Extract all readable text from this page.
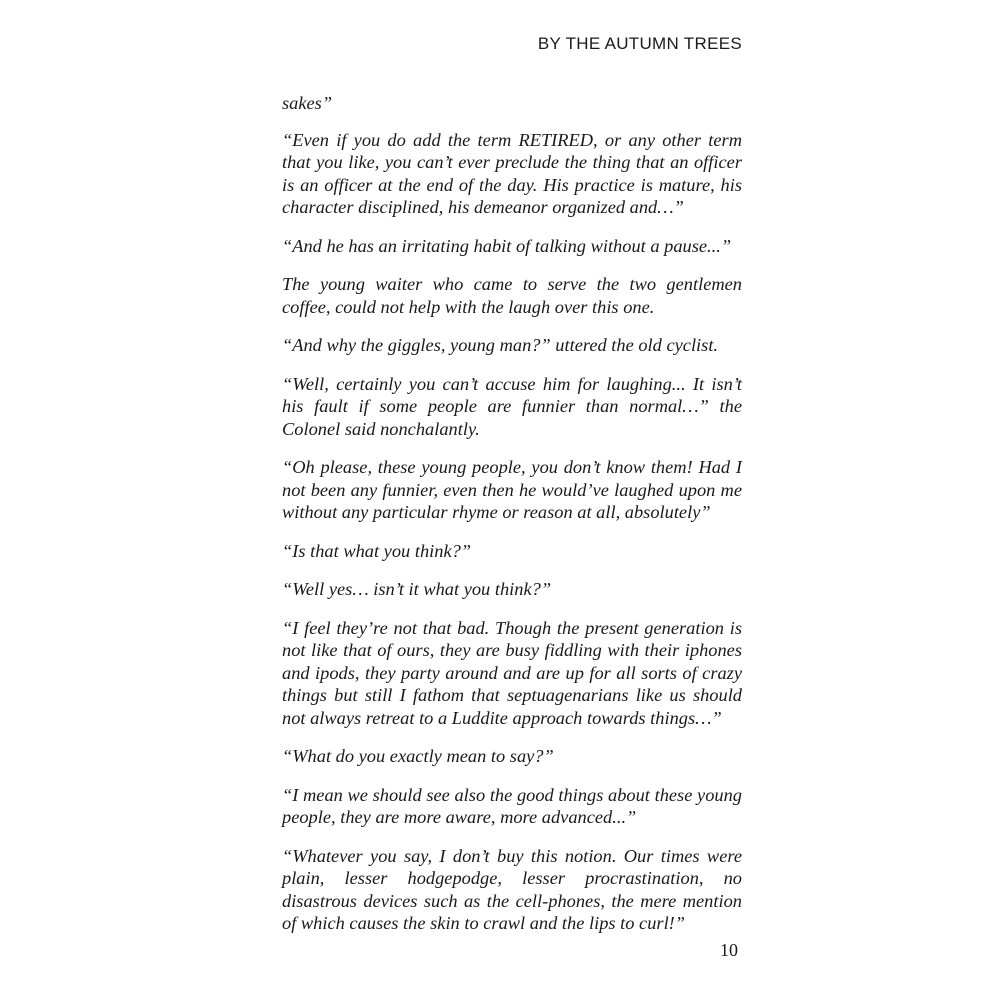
BY THE AUTUMN TREES

sakes”

“Even if you do add the term RETIRED, or any other term that you like, you can’t ever preclude the thing that an officer is an officer at the end of the day. His practice is mature, his character disciplined, his demeanor organized and…”

“And he has an irritating habit of talking without a pause...”

The young waiter who came to serve the two gentlemen coffee, could not help with the laugh over this one.

“And why the giggles, young man?” uttered the old cyclist.

“Well, certainly you can’t accuse him for laughing... It isn’t his fault if some people are funnier than normal…” the Colonel said nonchalantly.

“Oh please, these young people, you don’t know them! Had I not been any funnier, even then he would’ve laughed upon me without any particular rhyme or reason at all, absolutely”

“Is that what you think?”

“Well yes… isn’t it what you think?”

“I feel they’re not that bad. Though the present generation is not like that of ours, they are busy fiddling with their iphones and ipods, they party around and are up for all sorts of crazy things but still I fathom that septuagenarians like us should not always retreat to a Luddite approach towards things…”

“What do you exactly mean to say?”

“I mean we should see also the good things about these young people, they are more aware, more advanced...”

“Whatever you say, I don’t buy this notion. Our times were plain, lesser hodgepodge, lesser procrastination, no disastrous devices such as the cell-phones, the mere mention of which causes the skin to crawl and the lips to curl!”

10
